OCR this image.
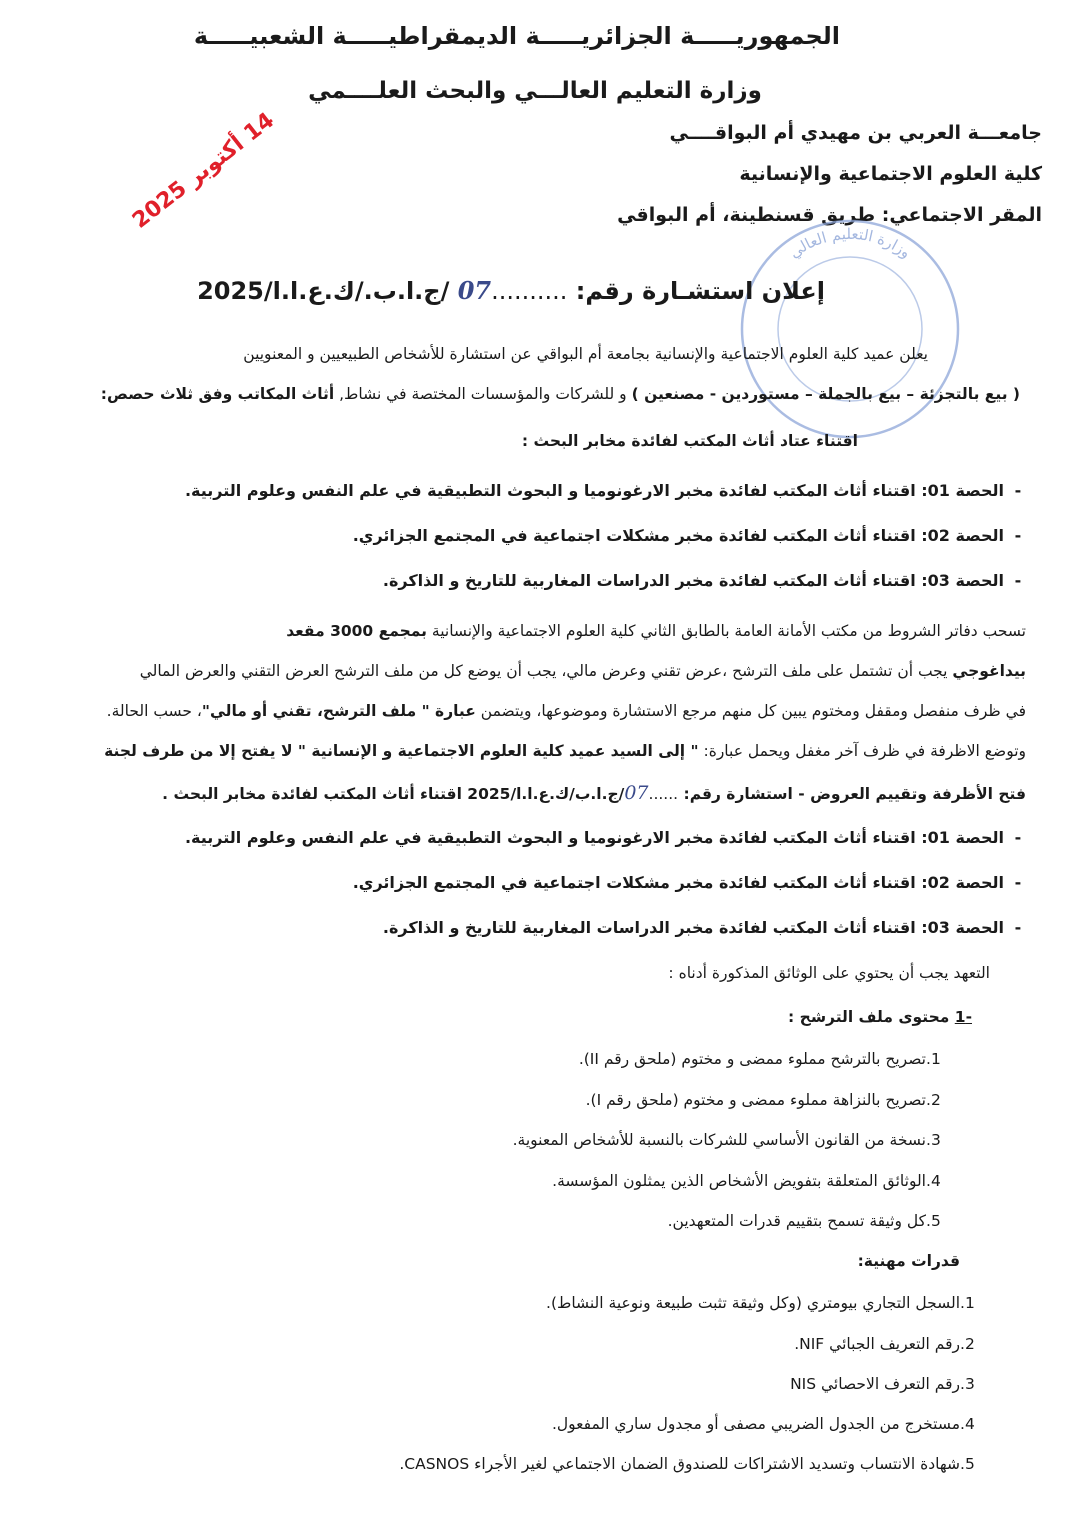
الجمهوريـــــة الجزائريـــــة الديمقراطيـــــة الشعبيـــــة
وزارة التعليم العالـــي والبحث العلــــمي
جامعـــة العربي بن مهيدي أم البواقــــي
كلية العلوم الاجتماعية والإنسانية
المقر الاجتماعي: طريق قسنطينة، أم البواقي
14 أكتوبر 2025
وزارة التعليم العالي
إعلان استشـارة رقم: ..........07 /ج.ا.ب./ك.ع.ا.ا/2025
يعلن عميد كلية العلوم الاجتماعية والإنسانية بجامعة أم البواقي عن استشارة للأشخاص الطبيعيين و المعنويين
( بيع بالتجزئة – بيع بالجملة – مستوردين - مصنعين ) و للشركات والمؤسسات المختصة في نشاط, أثاث المكاتب وفق ثلاث حصص:
اقتناء عتاد أثاث المكتب لفائدة مخابر البحث :
-الحصة 01: اقتناء أثاث المكتب لفائدة مخبر الارغونوميا و البحوث التطبيقية في علم النفس وعلوم التربية.
-الحصة 02: اقتناء أثاث المكتب لفائدة مخبر مشكلات اجتماعية في المجتمع الجزائري.
-الحصة 03: اقتناء أثاث المكتب لفائدة مخبر الدراسات المغاربية للتاريخ و الذاكرة.
تسحب دفاتر الشروط من مكتب الأمانة العامة بالطابق الثاني كلية العلوم الاجتماعية والإنسانية بمجمع 3000 مقعد
بيداغوجي يجب أن تشتمل على ملف الترشح ،عرض تقني وعرض مالي، يجب أن يوضع كل من ملف الترشح العرض التقني والعرض المالي
في ظرف منفصل ومقفل ومختوم يبين كل منهم مرجع الاستشارة وموضوعها، ويتضمن عبارة " ملف الترشح، تقني أو مالي"، حسب الحالة.
وتوضع الاظرفة في ظرف آخر مغفل ويحمل عبارة: " إلى السيد عميد كلية العلوم الاجتماعية و الإنسانية " لا يفتح إلا من طرف لجنة
فتح الأظرفة وتقييم العروض - استشارة رقم: ......07/ج.ا.ب/ك.ع.ا.ا/2025 اقتناء أثاث المكتب لفائدة مخابر البحث .
-الحصة 01: اقتناء أثاث المكتب لفائدة مخبر الارغونوميا و البحوث التطبيقية في علم النفس وعلوم التربية.
-الحصة 02: اقتناء أثاث المكتب لفائدة مخبر مشكلات اجتماعية في المجتمع الجزائري.
-الحصة 03: اقتناء أثاث المكتب لفائدة مخبر الدراسات المغاربية للتاريخ و الذاكرة.
التعهد يجب أن يحتوي على الوثائق المذكورة أدناه :
-1 محتوى ملف الترشح :
1.تصريح بالترشح مملوء ممضى و مختوم (ملحق رقم II).
2.تصريح بالنزاهة مملوء ممضى و مختوم (ملحق رقم I).
3.نسخة من القانون الأساسي للشركات بالنسبة للأشخاص المعنوية.
4.الوثائق المتعلقة بتفويض الأشخاص الذين يمثلون المؤسسة.
5.كل وثيقة تسمح بتقييم قدرات المتعهدين.
قدرات مهنية:
1.السجل التجاري بيومتري (وكل وثيقة تثبت طبيعة ونوعية النشاط).
2.رقم التعريف الجبائي NIF.
3.رقم التعرف الاحصائي NIS
4.مستخرج من الجدول الضريبي مصفى أو مجدول ساري المفعول.
5.شهادة الانتساب وتسديد الاشتراكات للصندوق الضمان الاجتماعي لغير الأجراء CASNOS.
